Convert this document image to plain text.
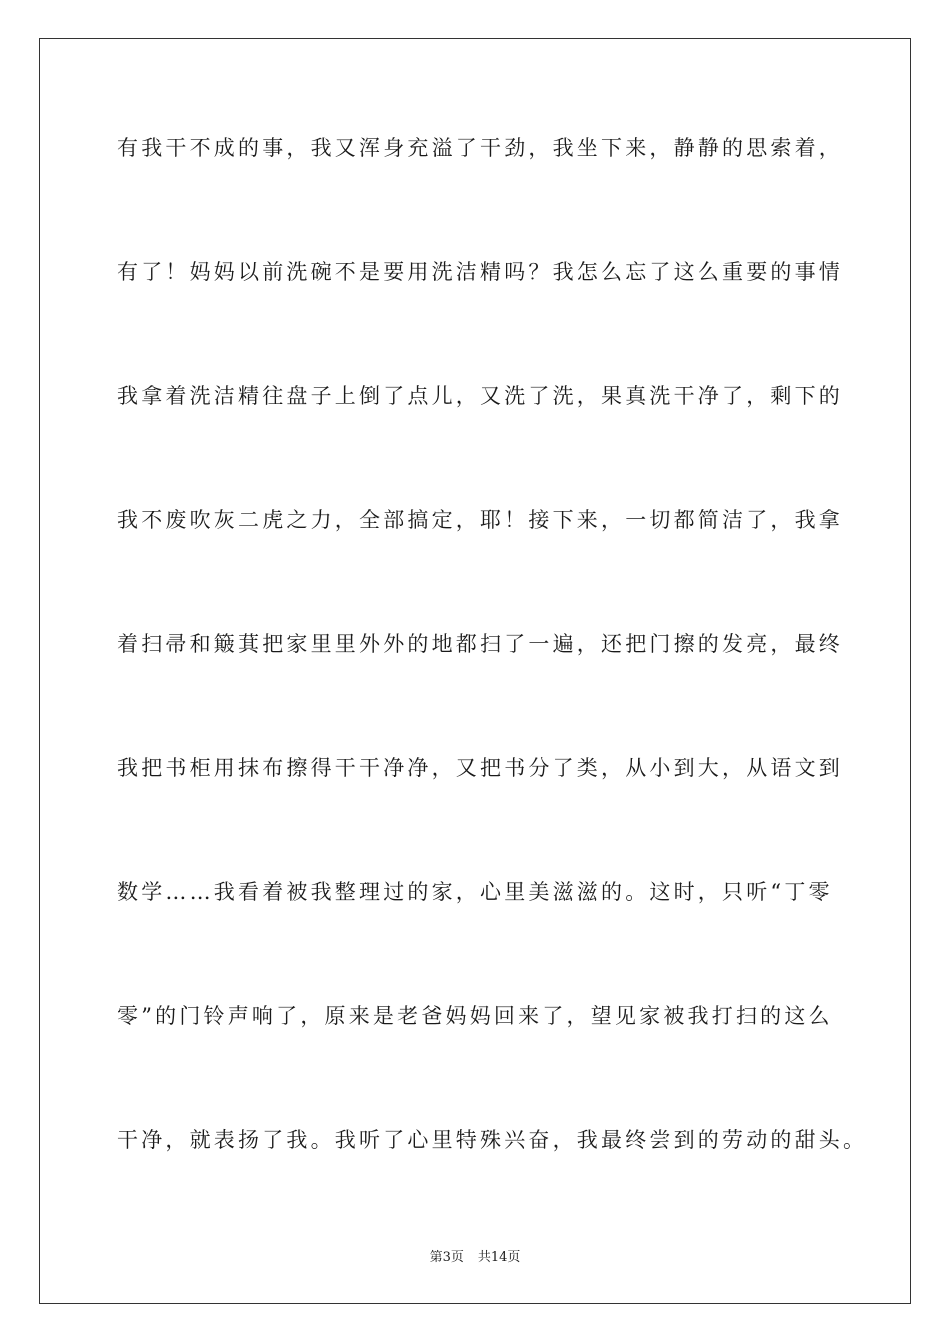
有我干不成的事，我又浑身充溢了干劲，我坐下来，静静的思索着，
有了！妈妈以前洗碗不是要用洗洁精吗？我怎么忘了这么重要的事情
我拿着洗洁精往盘子上倒了点儿，又洗了洗，果真洗干净了，剩下的
我不废吹灰二虎之力，全部搞定，耶！接下来，一切都简洁了，我拿
着扫帚和簸萁把家里里外外的地都扫了一遍，还把门擦的发亮，最终
我把书柜用抹布擦得干干净净，又把书分了类，从小到大，从语文到
数学……我看着被我整理过的家，心里美滋滋的。这时，只听“丁零
零”的门铃声响了，原来是老爸妈妈回来了，望见家被我打扫的这么
干净，就表扬了我。我听了心里特殊兴奋，我最终尝到的劳动的甜头。
第3页 共14页
